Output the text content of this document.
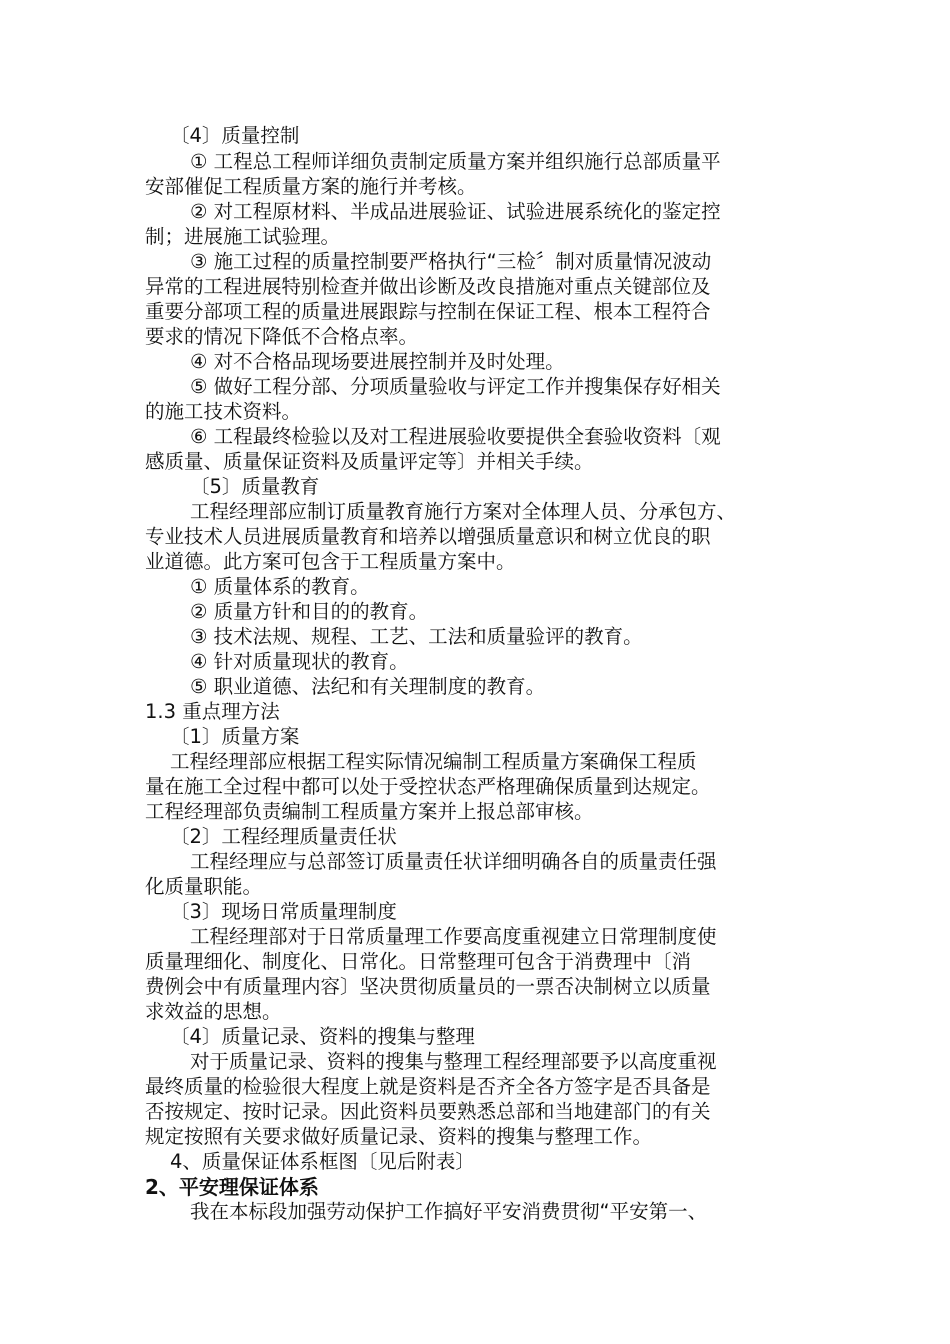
〔4〕质量控制
① 工程总工程师详细负责制定质量方案并组织施行总部质量平
安部催促工程质量方案的施行并考核。
② 对工程原材料、半成品进展验证、试验进展系统化的鉴定控
制；进展施工试验理。
③ 施工过程的质量控制要严格执行“三检〞制对质量情况波动
异常的工程进展特别检查并做出诊断及改良措施对重点关键部位及
重要分部项工程的质量进展跟踪与控制在保证工程、根本工程符合
要求的情况下降低不合格点率。
④ 对不合格品现场要进展控制并及时处理。
⑤ 做好工程分部、分项质量验收与评定工作并搜集保存好相关
的施工技术资料。
⑥ 工程最终检验以及对工程进展验收要提供全套验收资料〔观
感质量、质量保证资料及质量评定等〕并相关手续。
〔5〕质量教育
工程经理部应制订质量教育施行方案对全体理人员、分承包方、
专业技术人员进展质量教育和培养以增强质量意识和树立优良的职
业道德。此方案可包含于工程质量方案中。
① 质量体系的教育。
② 质量方针和目的的教育。
③ 技术法规、规程、工艺、工法和质量验评的教育。
④ 针对质量现状的教育。
⑤ 职业道德、法纪和有关理制度的教育。
1.3 重点理方法
〔1〕质量方案
工程经理部应根据工程实际情况编制工程质量方案确保工程质
量在施工全过程中都可以处于受控状态严格理确保质量到达规定。
工程经理部负责编制工程质量方案并上报总部审核。
〔2〕工程经理质量责任状
工程经理应与总部签订质量责任状详细明确各自的质量责任强
化质量职能。
〔3〕现场日常质量理制度
工程经理部对于日常质量理工作要高度重视建立日常理制度使
质量理细化、制度化、日常化。日常整理可包含于消费理中〔消
费例会中有质量理内容〕坚决贯彻质量员的一票否决制树立以质量
求效益的思想。
〔4〕质量记录、资料的搜集与整理
对于质量记录、资料的搜集与整理工程经理部要予以高度重视
最终质量的检验很大程度上就是资料是否齐全各方签字是否具备是
否按规定、按时记录。因此资料员要熟悉总部和当地建部门的有关
规定按照有关要求做好质量记录、资料的搜集与整理工作。
4、质量保证体系框图〔见后附表〕
2、平安理保证体系
我在本标段加强劳动保护工作搞好平安消费贯彻“平安第一、
